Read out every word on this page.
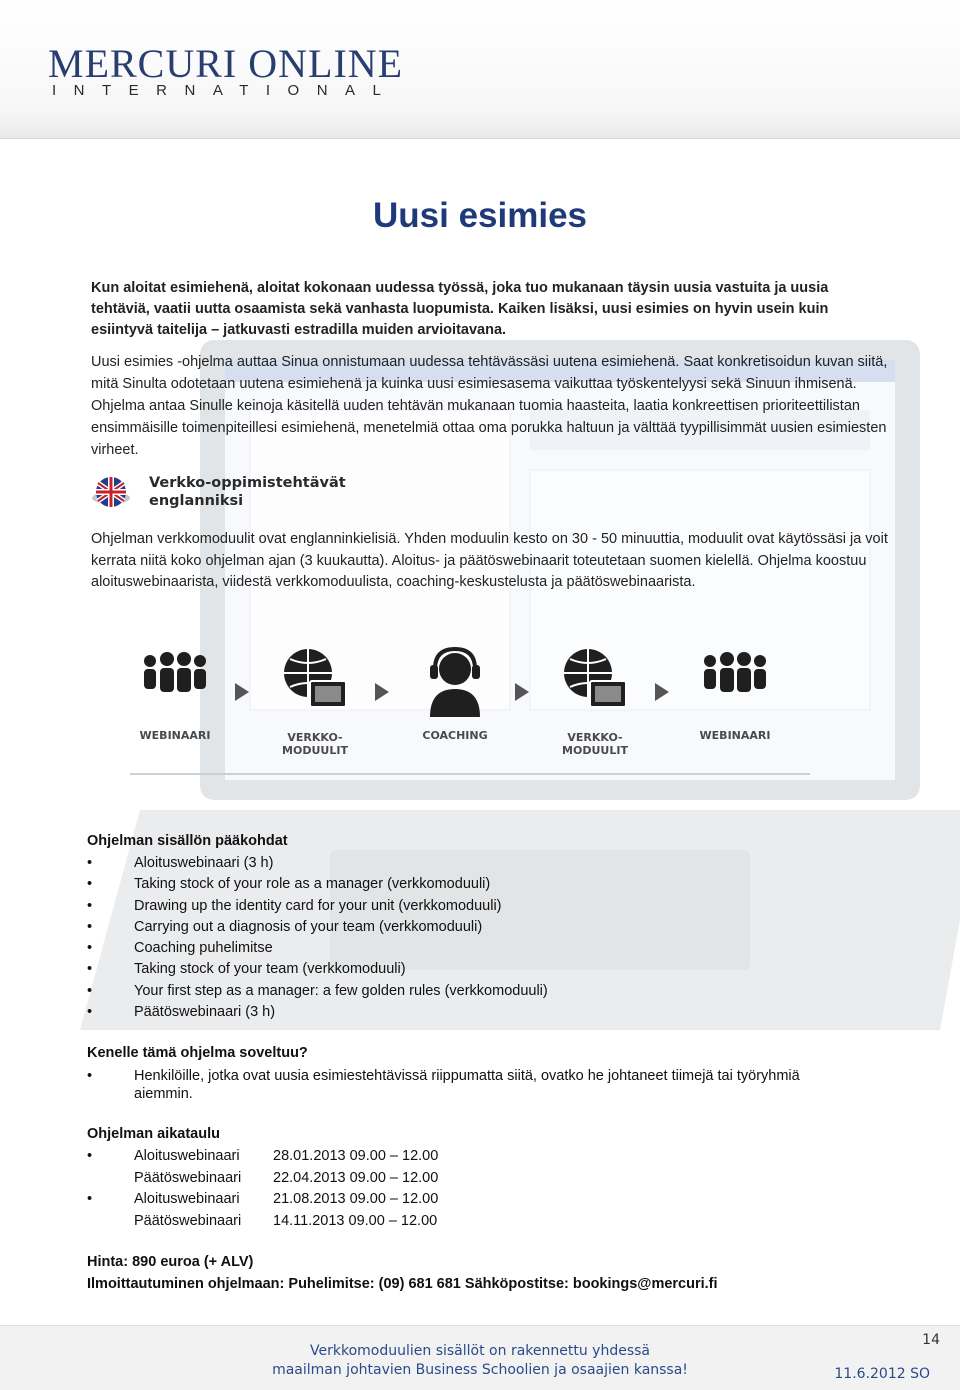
MERCURI ONLINE
INTERNATIONAL
Uusi esimies
Kun aloitat esimiehenä, aloitat kokonaan uudessa työssä, joka tuo mukanaan täysin uusia vastuita ja uusia tehtäviä, vaatii uutta osaamista sekä vanhasta luopumista. Kaiken lisäksi, uusi esimies on hyvin usein kuin esiintyvä taitelija – jatkuvasti estradilla muiden arvioitavana.
Uusi esimies -ohjelma auttaa Sinua onnistumaan uudessa tehtävässäsi uutena esimiehenä. Saat konkretisoidun kuvan siitä, mitä Sinulta odotetaan uutena esimiehenä ja kuinka uusi esimiesasema vaikuttaa työskentelyysi sekä Sinuun ihmisenä. Ohjelma antaa Sinulle keinoja käsitellä uuden tehtävän mukanaan tuomia haasteita, laatia konkreettisen prioriteettilistan ensimmäisille toimenpiteillesi esimiehenä, menetelmiä ottaa oma porukka haltuun ja välttää tyypillisimmät uusien esimiesten virheet.
Verkko-oppimistehtävät
englanniksi
Ohjelman verkkomoduulit ovat englanninkielisiä. Yhden moduulin kesto on 30 - 50 minuuttia, moduulit ovat käytössäsi ja voit kerrata niitä koko ohjelman ajan (3 kuukautta). Aloitus- ja päätöswebinaarit toteutetaan suomen kielellä. Ohjelma koostuu aloituswebinaarista, viidestä verkkomoduulista, coaching-keskustelusta ja päätöswebinaarista.
WEBINAARI	VERKKO-
MODUULIT
COACHING	VERKKO-
MODUULIT
WEBINAARI
Ohjelman sisällön pääkohdat
• Aloituswebinaari (3 h)
• Taking stock of your role as a manager (verkkomoduuli)
• Drawing up the identity card for your unit (verkkomoduuli)
• Carrying out a diagnosis of your team (verkkomoduuli)
• Coaching puhelimitse
• Taking stock of your team (verkkomoduuli)
• Your first step as a manager: a few golden rules (verkkomoduuli)
• Päätöswebinaari (3 h)
Kenelle tämä ohjelma soveltuu?
• Henkilöille, jotka ovat uusia esimiestehtävissä riippumatta siitä, ovatko he johtaneet tiimejä tai työryhmiä aiemmin.
Ohjelman aikataulu
•	Aloituswebinaari 28.01.2013 09.00 – 12.00
Päätöswebinaari 22.04.2013 09.00 – 12.00
•	Aloituswebinaari 21.08.2013 09.00 – 12.00
Päätöswebinaari 14.11.2013 09.00 – 12.00
Hinta: 890 euroa (+ ALV)
Ilmoittautuminen ohjelmaan: Puhelimitse: (09) 681 681 Sähköpostitse: bookings@mercuri.fi
14
Verkkomoduulien sisällöt on rakennettu yhdessä
maailman johtavien Business Schoolien ja osaajien kanssa!	11.6.2012 SO
